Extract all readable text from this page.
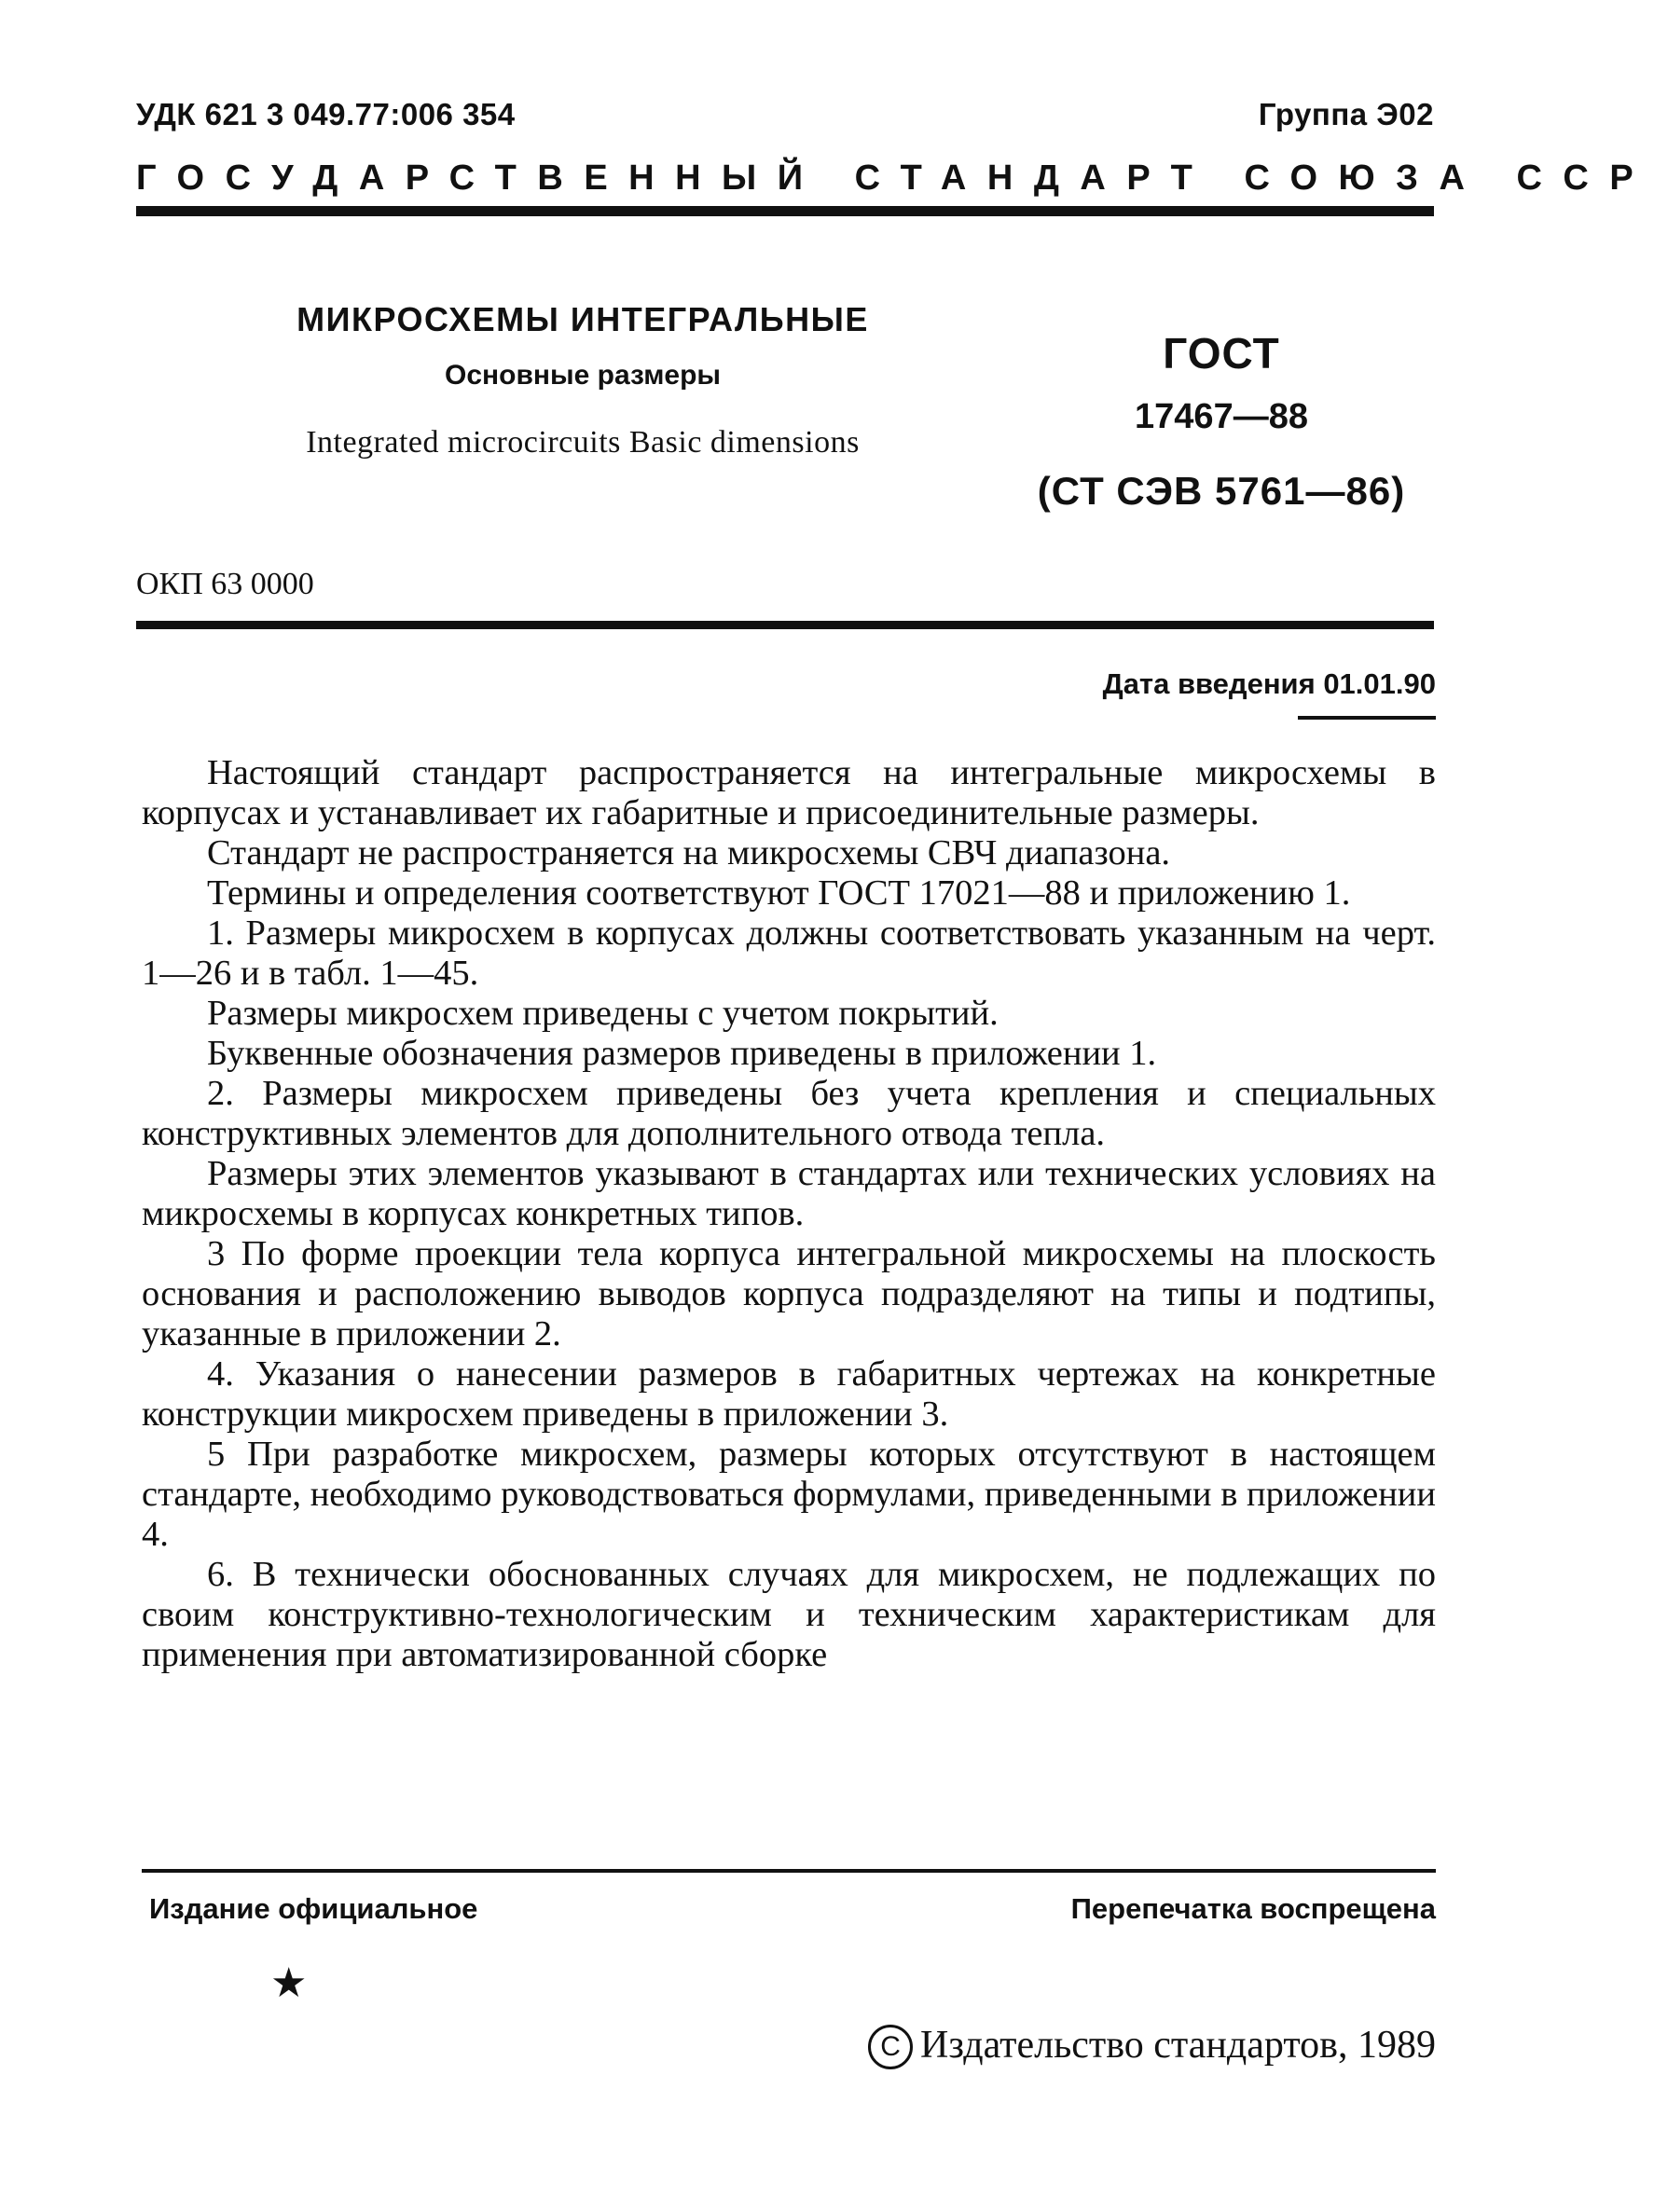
УДК 621 3 049.77:006 354	Группа Э02
ГОСУДАРСТВЕННЫЙ СТАНДАРТ СОЮЗА ССР
МИКРОСХЕМЫ ИНТЕГРАЛЬНЫЕ
Основные размеры
Integrated microcircuits Basic dimensions
ГОСТ
17467—88
(СТ СЭВ 5761—86)
ОКП 63 0000
Дата введения 01.01.90

Настоящий стандарт распространяется на интегральные микросхемы в корпусах и устанавливает их габаритные и присоединительные размеры.

Стандарт не распространяется на микросхемы СВЧ диапазона.

Термины и определения соответствуют ГОСТ 17021—88 и приложению 1.

1. Размеры микросхем в корпусах должны соответствовать указанным на черт. 1—26 и в табл. 1—45.

Размеры микросхем приведены с учетом покрытий.

Буквенные обозначения размеров приведены в приложении 1.

2. Размеры микросхем приведены без учета крепления и специальных конструктивных элементов для дополнительного отвода тепла.

Размеры этих элементов указывают в стандартах или технических условиях на микросхемы в корпусах конкретных типов.

3 По форме проекции тела корпуса интегральной микросхемы на плоскость основания и расположению выводов корпуса подразделяют на типы и подтипы, указанные в приложении 2.

4. Указания о нанесении размеров в габаритных чертежах на конкретные конструкции микросхем приведены в приложении 3.

5 При разработке микросхем, размеры которых отсутствуют в настоящем стандарте, необходимо руководствоваться формулами, приведенными в приложении 4.

6. В технически обоснованных случаях для микросхем, не подлежащих по своим конструктивно-технологическим и техническим характеристикам для применения при автоматизированной сборке

Издание официальное	Перепечатка воспрещена
★
C Издательство стандартов, 1989
